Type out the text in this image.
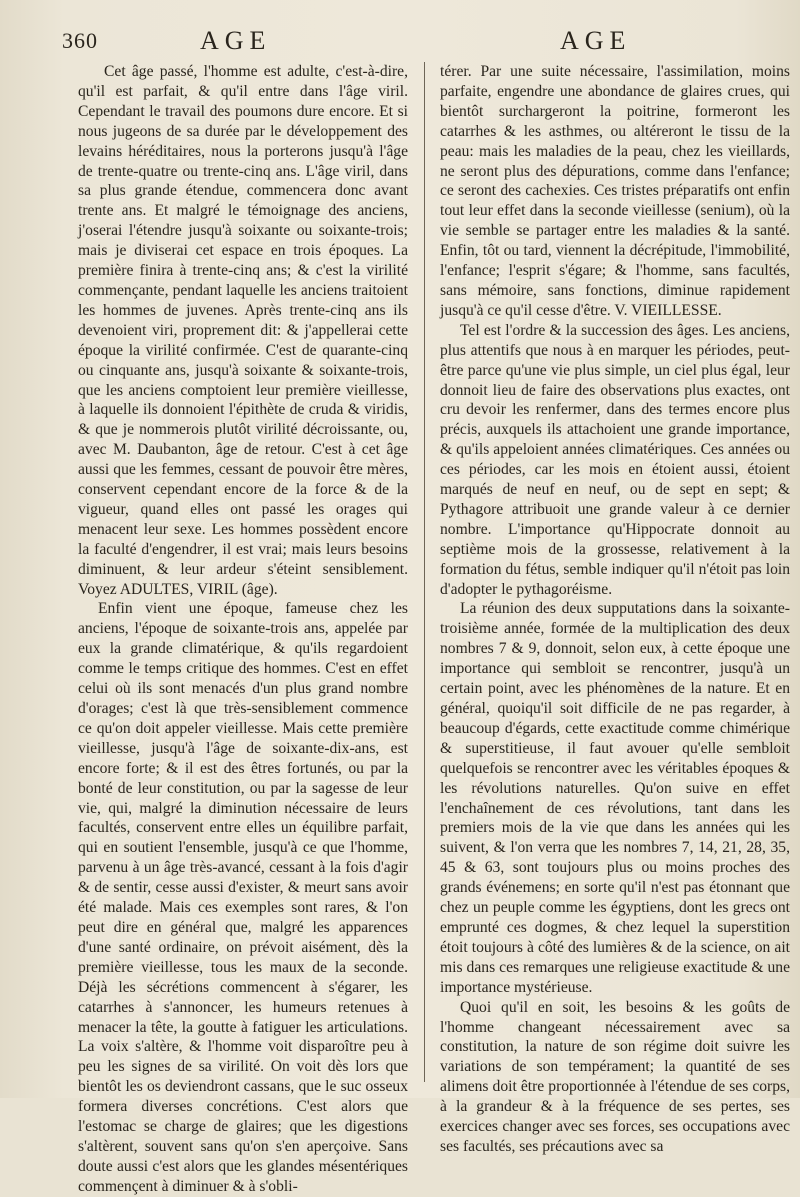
360	AGE	AGE

Cet âge passé, l'homme est adulte, c'est-à-dire, qu'il est parfait, & qu'il entre dans l'âge viril. Cependant le travail des poumons dure encore. Et si nous jugeons de sa durée par le développement des levains héréditaires, nous la porterons jusqu'à l'âge de trente-quatre ou trente-cinq ans. L'âge viril, dans sa plus grande étendue, commencera donc avant trente ans. Et malgré le témoignage des anciens, j'oserai l'étendre jusqu'à soixante ou soixante-trois; mais je diviserai cet espace en trois époques. La première finira à trente-cinq ans; & c'est la virilité commençante, pendant laquelle les anciens traitoient les hommes de juvenes. Après trente-cinq ans ils devenoient viri, proprement dit: & j'appellerai cette époque la virilité confirmée. C'est de quarante-cinq ou cinquante ans, jusqu'à soixante & soixante-trois, que les anciens comptoient leur première vieillesse, à laquelle ils donnoient l'épithète de cruda & viridis, & que je nommerois plutôt virilité décroissante, ou, avec M. Daubanton, âge de retour. C'est à cet âge aussi que les femmes, cessant de pouvoir être mères, conservent cependant encore de la force & de la vigueur, quand elles ont passé les orages qui menacent leur sexe. Les hommes possèdent encore la faculté d'engendrer, il est vrai; mais leurs besoins diminuent, & leur ardeur s'éteint sensiblement. Voyez ADULTES, VIRIL (âge).

Enfin vient une époque, fameuse chez les anciens, l'époque de soixante-trois ans, appelée par eux la grande climatérique, & qu'ils regardoient comme le temps critique des hommes. C'est en effet celui où ils sont menacés d'un plus grand nombre d'orages; c'est là que très-sensiblement commence ce qu'on doit appeler vieillesse. Mais cette première vieillesse, jusqu'à l'âge de soixante-dix-ans, est encore forte; & il est des êtres fortunés, ou par la bonté de leur constitution, ou par la sagesse de leur vie, qui, malgré la diminution nécessaire de leurs facultés, conservent entre elles un équilibre parfait, qui en soutient l'ensemble, jusqu'à ce que l'homme, parvenu à un âge très-avancé, cessant à la fois d'agir & de sentir, cesse aussi d'exister, & meurt sans avoir été malade. Mais ces exemples sont rares, & l'on peut dire en général que, malgré les apparences d'une santé ordinaire, on prévoit aisément, dès la première vieillesse, tous les maux de la seconde. Déjà les sécrétions commencent à s'égarer, les catarrhes à s'annoncer, les humeurs retenues à menacer la tête, la goutte à fatiguer les articulations. La voix s'altère, & l'homme voit disparoître peu à peu les signes de sa virilité. On voit dès lors que bientôt les os deviendront cassans, que le suc osseux formera diverses concrétions. C'est alors que l'estomac se charge de glaires; que les digestions s'altèrent, souvent sans qu'on s'en aperçoive. Sans doute aussi c'est alors que les glandes mésentériques commençent à diminuer & à s'obli-

térer. Par une suite nécessaire, l'assimilation, moins parfaite, engendre une abondance de glaires crues, qui bientôt surchargeront la poitrine, formeront les catarrhes & les asthmes, ou altéreront le tissu de la peau: mais les maladies de la peau, chez les vieillards, ne seront plus des dépurations, comme dans l'enfance; ce seront des cachexies. Ces tristes préparatifs ont enfin tout leur effet dans la seconde vieillesse (senium), où la vie semble se partager entre les maladies & la santé. Enfin, tôt ou tard, viennent la décrépitude, l'immobilité, l'enfance; l'esprit s'égare; & l'homme, sans facultés, sans mémoire, sans fonctions, diminue rapidement jusqu'à ce qu'il cesse d'être. V. VIEILLESSE.

Tel est l'ordre & la succession des âges. Les anciens, plus attentifs que nous à en marquer les périodes, peut-être parce qu'une vie plus simple, un ciel plus égal, leur donnoit lieu de faire des observations plus exactes, ont cru devoir les renfermer, dans des termes encore plus précis, auxquels ils attachoient une grande importance, & qu'ils appeloient années climatériques. Ces années ou ces périodes, car les mois en étoient aussi, étoient marqués de neuf en neuf, ou de sept en sept; & Pythagore attribuoit une grande valeur à ce dernier nombre. L'importance qu'Hippocrate donnoit au septième mois de la grossesse, relativement à la formation du fétus, semble indiquer qu'il n'étoit pas loin d'adopter le pythagoréisme.

La réunion des deux supputations dans la soixante-troisième année, formée de la multiplication des deux nombres 7 & 9, donnoit, selon eux, à cette époque une importance qui sembloit se rencontrer, jusqu'à un certain point, avec les phénomènes de la nature. Et en général, quoiqu'il soit difficile de ne pas regarder, à beaucoup d'égards, cette exactitude comme chimérique & superstitieuse, il faut avouer qu'elle sembloit quelquefois se rencontrer avec les véritables époques & les révolutions naturelles. Qu'on suive en effet l'enchaînement de ces révolutions, tant dans les premiers mois de la vie que dans les années qui les suivent, & l'on verra que les nombres 7, 14, 21, 28, 35, 45 & 63, sont toujours plus ou moins proches des grands événemens; en sorte qu'il n'est pas étonnant que chez un peuple comme les égyptiens, dont les grecs ont emprunté ces dogmes, & chez lequel la superstition étoit toujours à côté des lumières & de la science, on ait mis dans ces remarques une religieuse exactitude & une importance mystérieuse.

Quoi qu'il en soit, les besoins & les goûts de l'homme changeant nécessairement avec sa constitution, la nature de son régime doit suivre les variations de son tempérament; la quantité de ses alimens doit être proportionnée à l'étendue de ses corps, à la grandeur & à la fréquence de ses pertes, ses exercices changer avec ses forces, ses occupations avec ses facultés, ses précautions avec sa
